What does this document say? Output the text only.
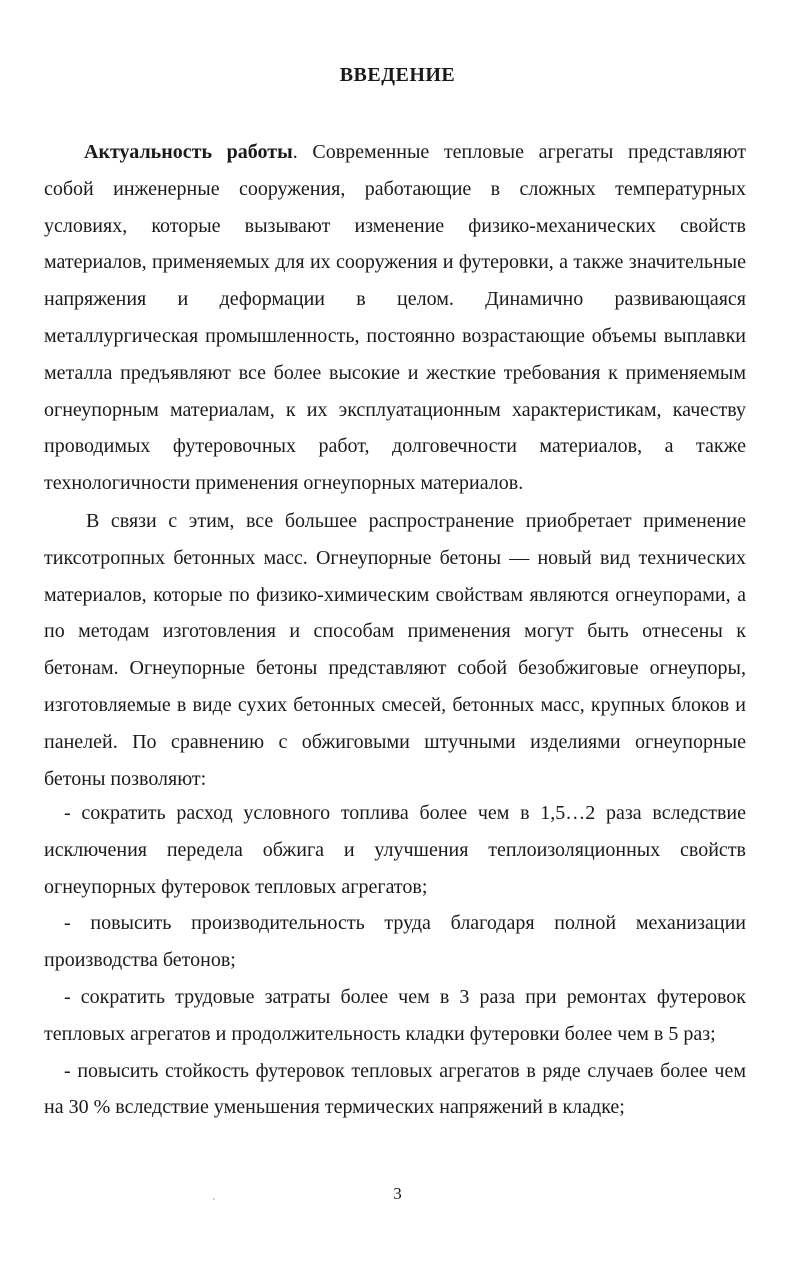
ВВЕДЕНИЕ

Актуальность работы. Современные тепловые агрегаты представляют собой инженерные сооружения, работающие в сложных температурных условиях, которые вызывают изменение физико-механических свойств материалов, применяемых для их сооружения и футеровки, а также значительные напряжения и деформации в целом. Динамично развивающаяся металлургическая промышленность, постоянно возрастающие объемы выплавки металла предъявляют все более высокие и жесткие требования к применяемым огнеупорным материалам, к их эксплуатационным характеристикам, качеству проводимых футеровочных работ, долговечности материалов, а также технологичности применения огнеупорных материалов.

В связи с этим, все большее распространение приобретает применение тиксотропных бетонных масс. Огнеупорные бетоны — новый вид технических материалов, которые по физико-химическим свойствам являются огнеупорами, а по методам изготовления и способам применения могут быть отнесены к бетонам. Огнеупорные бетоны представляют собой безобжиговые огнеупоры, изготовляемые в виде сухих бетонных смесей, бетонных масс, крупных блоков и панелей. По сравнению с обжиговыми штучными изделиями огнеупорные бетоны позволяют:

- сократить расход условного топлива более чем в 1,5…2 раза вследствие исключения передела обжига и улучшения теплоизоляционных свойств огнеупорных футеровок тепловых агрегатов;

- повысить производительность труда благодаря полной механизации производства бетонов;

- сократить трудовые затраты более чем в 3 раза при ремонтах футеровок тепловых агрегатов и продолжительность кладки футеровки более чем в 5 раз;

- повысить стойкость футеровок тепловых агрегатов в ряде случаев более чем на 30 % вследствие уменьшения термических напряжений в кладке;

3
